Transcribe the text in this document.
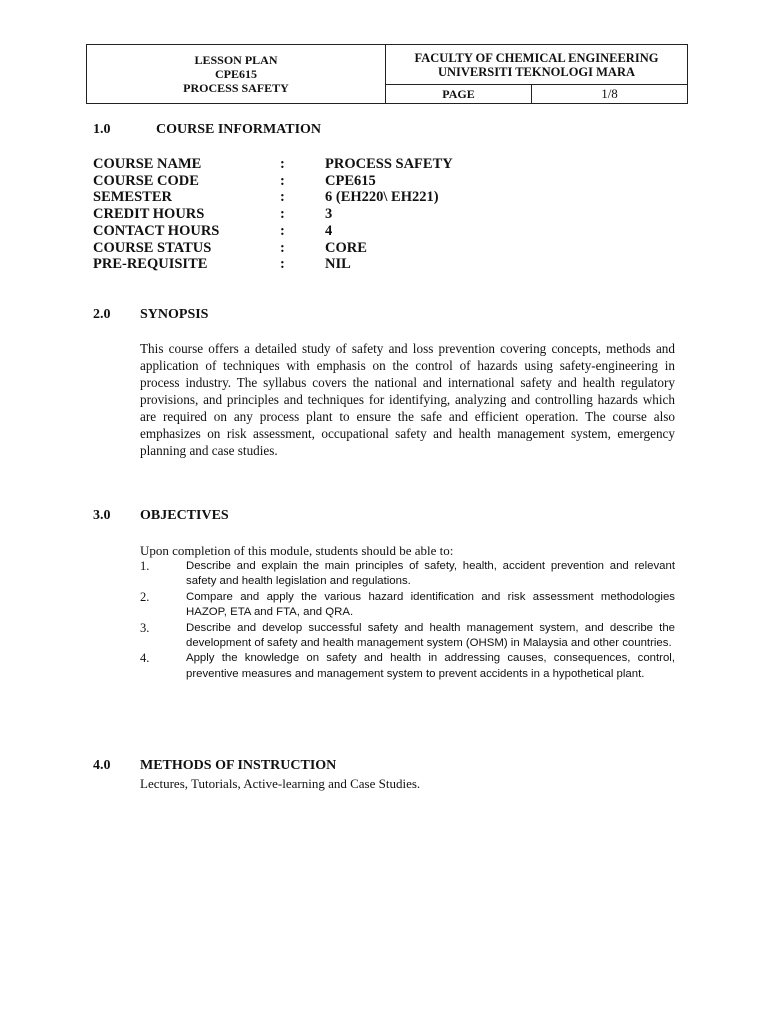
LESSON PLAN
CPE615
PROCESS SAFETY
FACULTY OF CHEMICAL ENGINEERING
UNIVERSITI TEKNOLOGI MARA
PAGE	1/8
1.0	COURSE INFORMATION
COURSE NAME	:	PROCESS SAFETY
COURSE CODE	:	CPE615
SEMESTER	:	6 (EH220\ EH221)
CREDIT HOURS	:	3
CONTACT HOURS	:	4
COURSE STATUS	:	CORE
PRE-REQUISITE	:	NIL
2.0 SYNOPSIS
This course offers a detailed study of safety and loss prevention covering concepts, methods and application of techniques with emphasis on the control of hazards using safety-engineering in process industry. The syllabus covers the national and international safety and health regulatory provisions, and principles and techniques for identifying, analyzing and controlling hazards which are required on any process plant to ensure the safe and efficient operation. The course also emphasizes on risk assessment, occupational safety and health management system, emergency planning and case studies.
3.0 OBJECTIVES
Upon completion of this module, students should be able to:
1.	Describe and explain the main principles of safety, health, accident prevention and relevant safety and health legislation and regulations.
2.	Compare and apply the various hazard identification and risk assessment methodologies HAZOP, ETA and FTA, and QRA.
3.	Describe and develop successful safety and health management system, and describe the development of safety and health management system (OHSM) in Malaysia and other countries.
4.	Apply the knowledge on safety and health in addressing causes, consequences, control, preventive measures and management system to prevent accidents in a hypothetical plant.
4.0 METHODS OF INSTRUCTION
Lectures, Tutorials, Active-learning and Case Studies.
